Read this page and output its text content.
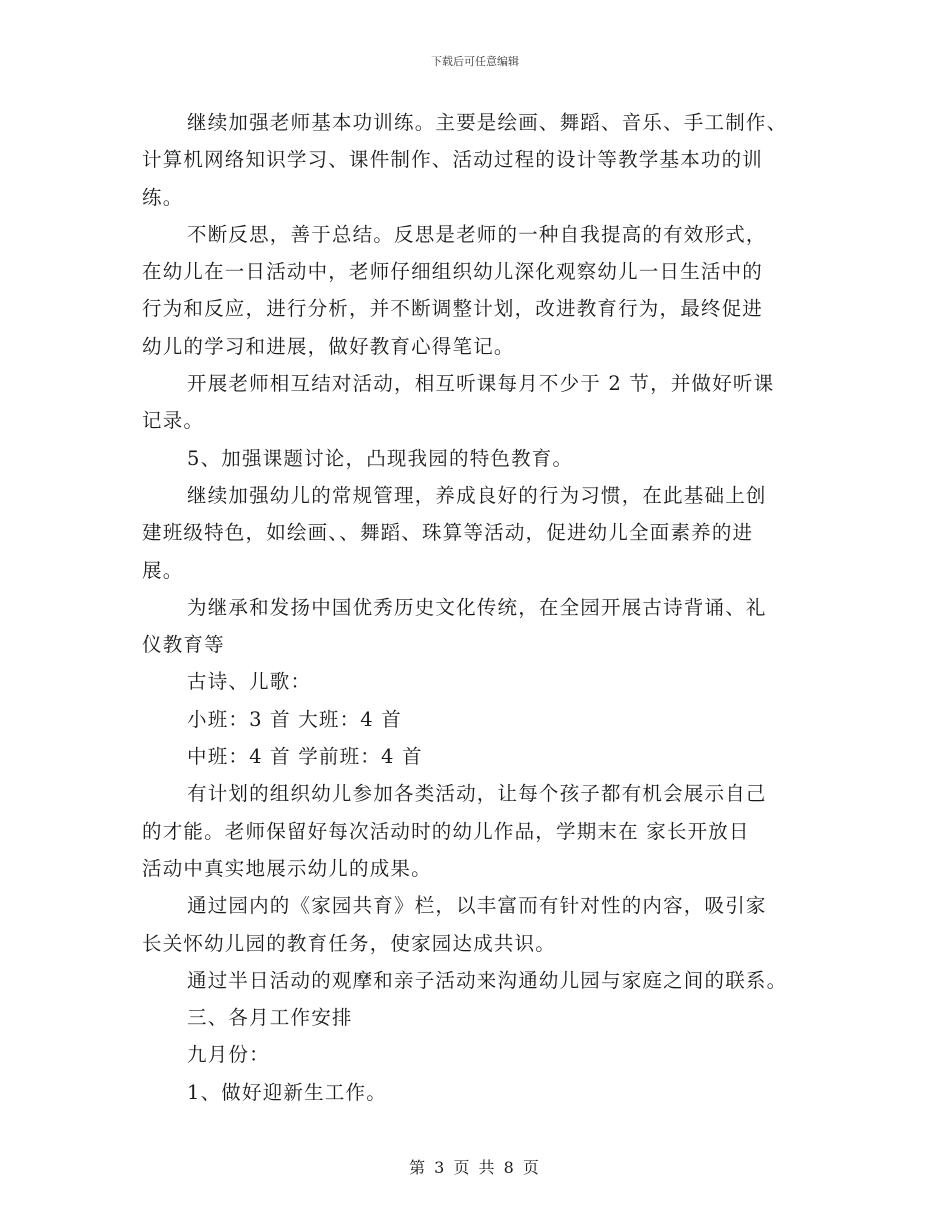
下载后可任意编辑
继续加强老师基本功训练。主要是绘画、舞蹈、音乐、手工制作、
计算机网络知识学习、课件制作、活动过程的设计等教学基本功的训
练。
不断反思，善于总结。反思是老师的一种自我提高的有效形式，
在幼儿在一日活动中，老师仔细组织幼儿深化观察幼儿一日生活中的
行为和反应，进行分析，并不断调整计划，改进教育行为，最终促进
幼儿的学习和进展，做好教育心得笔记。
开展老师相互结对活动，相互听课每月不少于 2 节，并做好听课
记录。
5、加强课题讨论，凸现我园的特色教育。
继续加强幼儿的常规管理，养成良好的行为习惯，在此基础上创
建班级特色，如绘画、、舞蹈、珠算等活动，促进幼儿全面素养的进
展。
为继承和发扬中国优秀历史文化传统，在全园开展古诗背诵、礼
仪教育等
古诗、儿歌：
小班：3 首 大班：4 首
中班：4 首 学前班：4 首
有计划的组织幼儿参加各类活动，让每个孩子都有机会展示自己
的才能。老师保留好每次活动时的幼儿作品，学期末在 家长开放日
活动中真实地展示幼儿的成果。
通过园内的《家园共育》栏，以丰富而有针对性的内容，吸引家
长关怀幼儿园的教育任务，使家园达成共识。
通过半日活动的观摩和亲子活动来沟通幼儿园与家庭之间的联系。
三、各月工作安排
九月份：
1、做好迎新生工作。
第 3 页 共 8 页
